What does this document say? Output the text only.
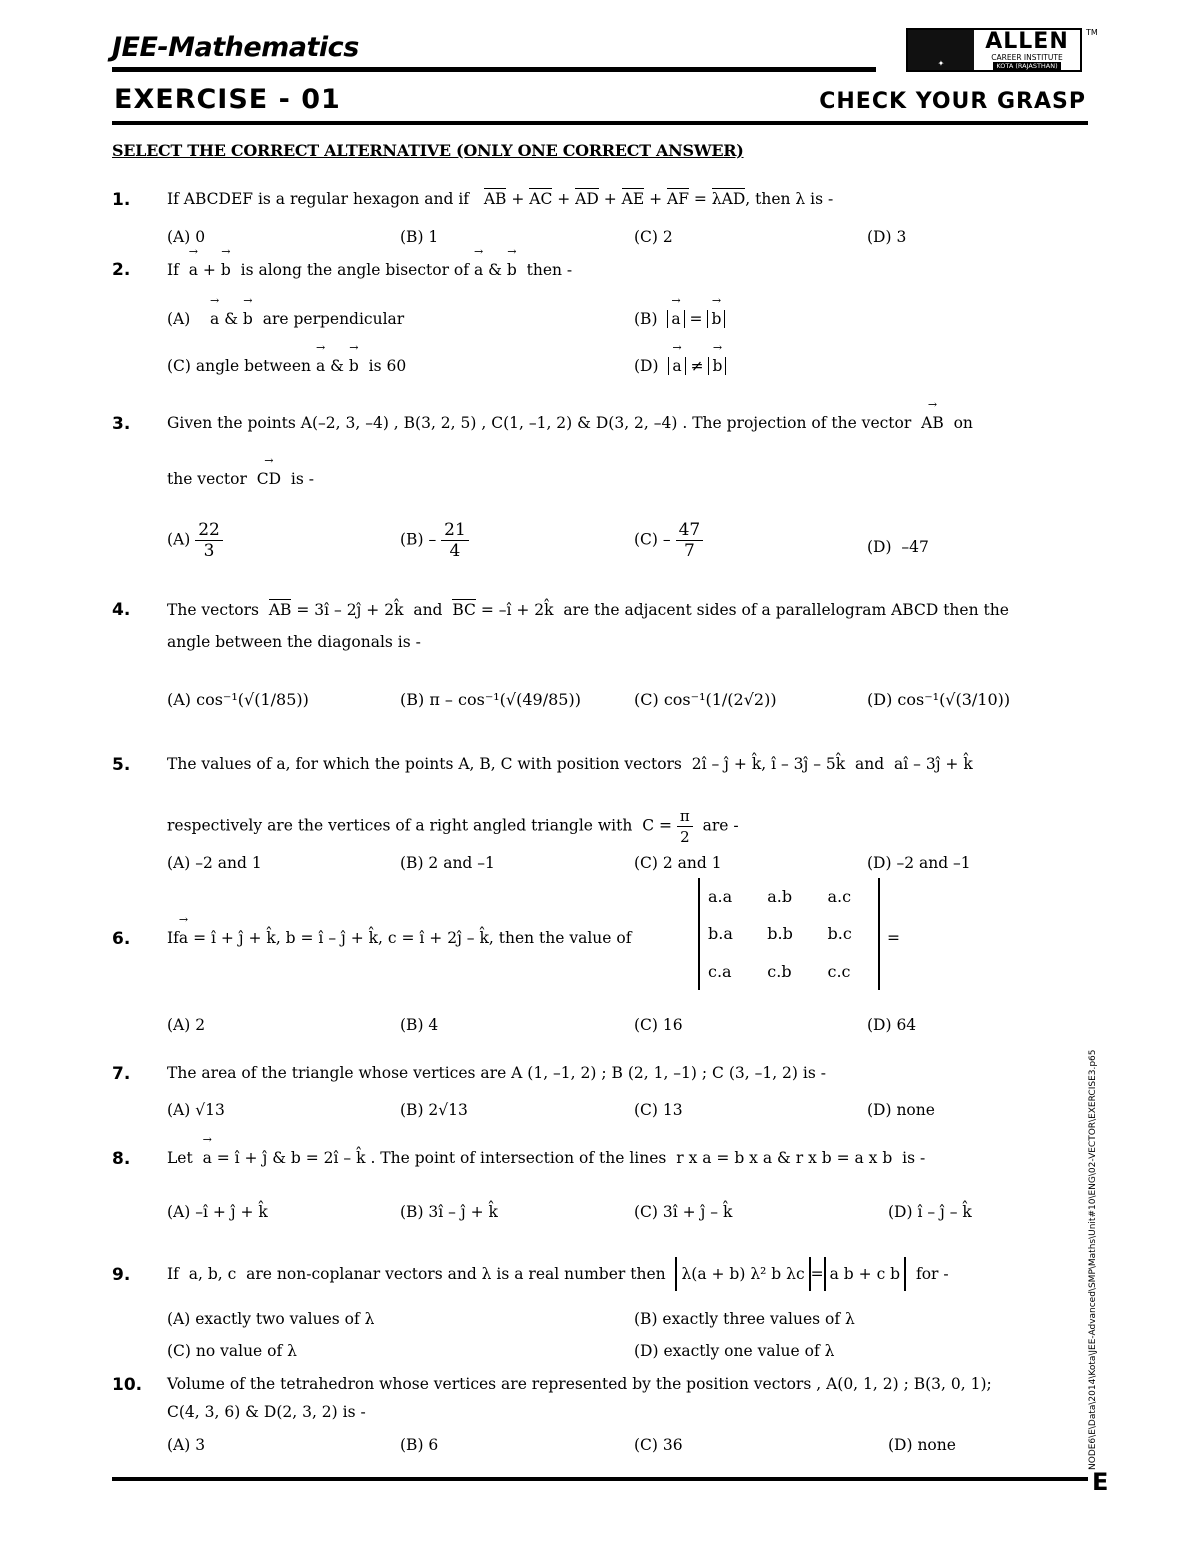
JEE-Mathematics
✦
ALLEN
CAREER INSTITUTE
KOTA (RAJASTHAN)
TM
EXERCISE - 01	CHECK YOUR GRASP
SELECT THE CORRECT ALTERNATIVE (ONLY ONE CORRECT ANSWER)
1. If ABCDEF is a regular hexagon and if AB + AC + AD + AE + AF = λAD, then λ is -
(A) 0	(B) 1	(C) 2	(D) 3
2. If → a + → b is along the angle bisector of → a & → b then -
(A) → a & → b are perpendicular	(B) → a = → b
(C) angle between → a & → b is 60	(D) → a ≠ → b
3. Given the points A(–2, 3, –4) , B(3, 2, 5) , C(1, –1, 2) & D(3, 2, –4) . The projection of the vector → AB on
the vector → CD is -
$(A) \frac{22}{3}$	$(B) - \frac{21}{4}$	$(C) - \frac{47}{7}$	(D) –47
4. The vectors AB = 3î – 2ĵ + 2k̂ and BC = –î + 2k̂ are the adjacent sides of a parallelogram ABCD then the
angle between the diagonals is -
(A) cos⁻¹(√(1/85))	(B) π – cos⁻¹(√(49/85))	(C) cos⁻¹(1/(2√2))	(D) cos⁻¹(√(3/10))
5. The values of a, for which the points A, B, C with position vectors 2î – ĵ + k̂, î – 3ĵ – 5k̂ and aî – 3ĵ + k̂
respectively are the vertices of a right angled triangle with $C = \frac{\pi}{2}$ are -
(A) –2 and 1	(B) 2 and –1	(C) 2 and 1	(D) –2 and –1
6. If→ a = î + ĵ + k̂, b = î – ĵ + k̂, c = î + 2ĵ – k̂, then the value of
a.a	a.b	a.c
b.a	b.b	b.c
c.a	c.b	c.c
=
(A) 2	(B) 4	(C) 16	(D) 64
7. The area of the triangle whose vertices are A (1, –1, 2) ; B (2, 1, –1) ; C (3, –1, 2) is -
(A) √13	(B) 2√13	(C) 13	(D) none
8. Let → a = î + ĵ & b = 2î – k̂ . The point of intersection of the lines r x a = b x a & r x b = a x b is -
(A) –î + ĵ + k̂	(B) 3î – ĵ + k̂	(C) 3î + ĵ – k̂	(D) î – ĵ – k̂
9. If a, b, c are non-coplanar vectors and λ is a real number then λ(a + b) λ² b λc = a b + c b for -
(A) exactly two values of λ	(B) exactly three values of λ
(C) no value of λ	(D) exactly one value of λ
10. Volume of the tetrahedron whose vertices are represented by the position vectors , A(0, 1, 2) ; B(3, 0, 1);
C(4, 3, 6) & D(2, 3, 2) is -
(A) 3	(B) 6	(C) 36	(D) none	NODE6\E\Data\2014\Kota\JEE-Advanced\SMP\Maths\Unit#10\ENG\02-VECTOR\EXERCISE3.p65
E
